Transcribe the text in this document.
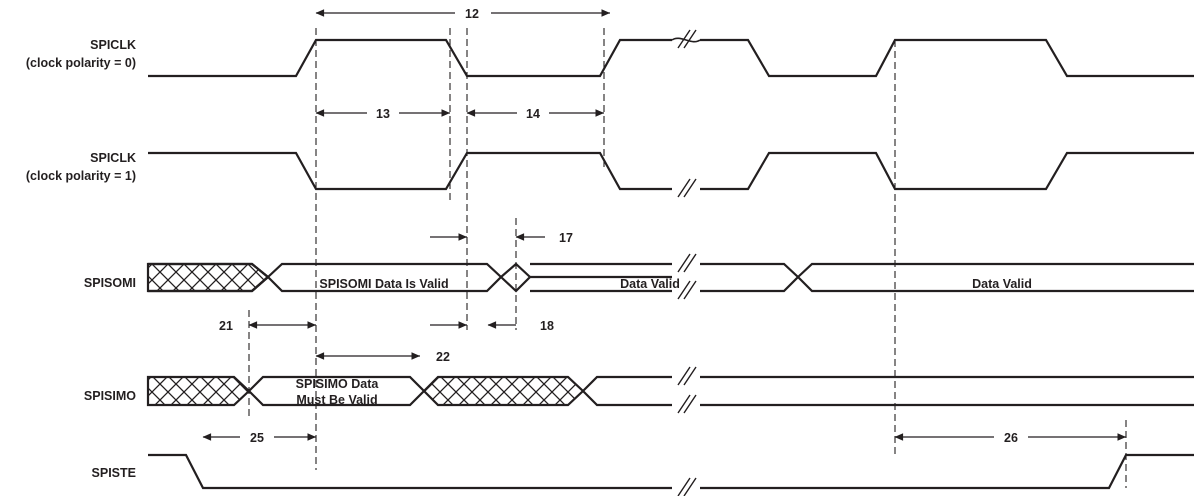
SPICLK
(clock polarity = 0)
SPICLK
(clock polarity = 1)
SPISOMI
SPISIMO
SPISTE
12
13	14
17
SPISOMI Data Is Valid	Data Valid	Data Valid
21	18
22
SPISIMO Data
Must Be Valid
25	26
